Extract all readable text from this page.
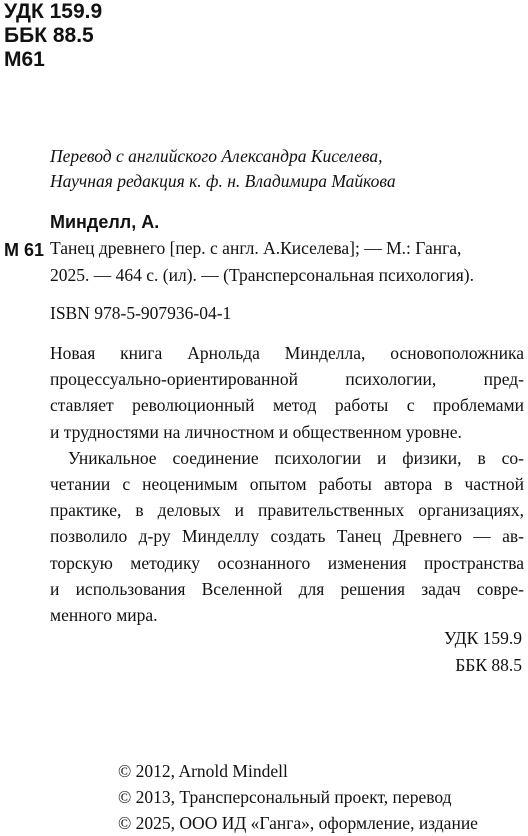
УДК 159.9
ББК 88.5
М61
Перевод с английского Александра Киселева,
Научная редакция к. ф. н. Владимира Майкова
Минделл, А.
М 61 Танец древнего [пер. с англ. А.Киселева]; — М.: Ганга,
2025. — 464 с. (ил). — (Трансперсональная психология).
ISBN 978-5-907936-04-1
Новая книга Арнольда Минделла, основоположника
процессуально-ориентированной психологии, пред-
ставляет революционный метод работы с проблемами
и трудностями на личностном и общественном уровне.
Уникальное соединение психологии и физики, в со-
четании с неоценимым опытом работы автора в частной
практике, в деловых и правительственных организациях,
позволило д-ру Минделлу создать Танец Древнего — ав-
торскую методику осознанного изменения пространства
и использования Вселенной для решения задач совре-
менного мира.
УДК 159.9
ББК 88.5
© 2012, Arnold Mindell
© 2013, Трансперсональный проект, перевод
© 2025, ООО ИД «Ганга», оформление, издание
